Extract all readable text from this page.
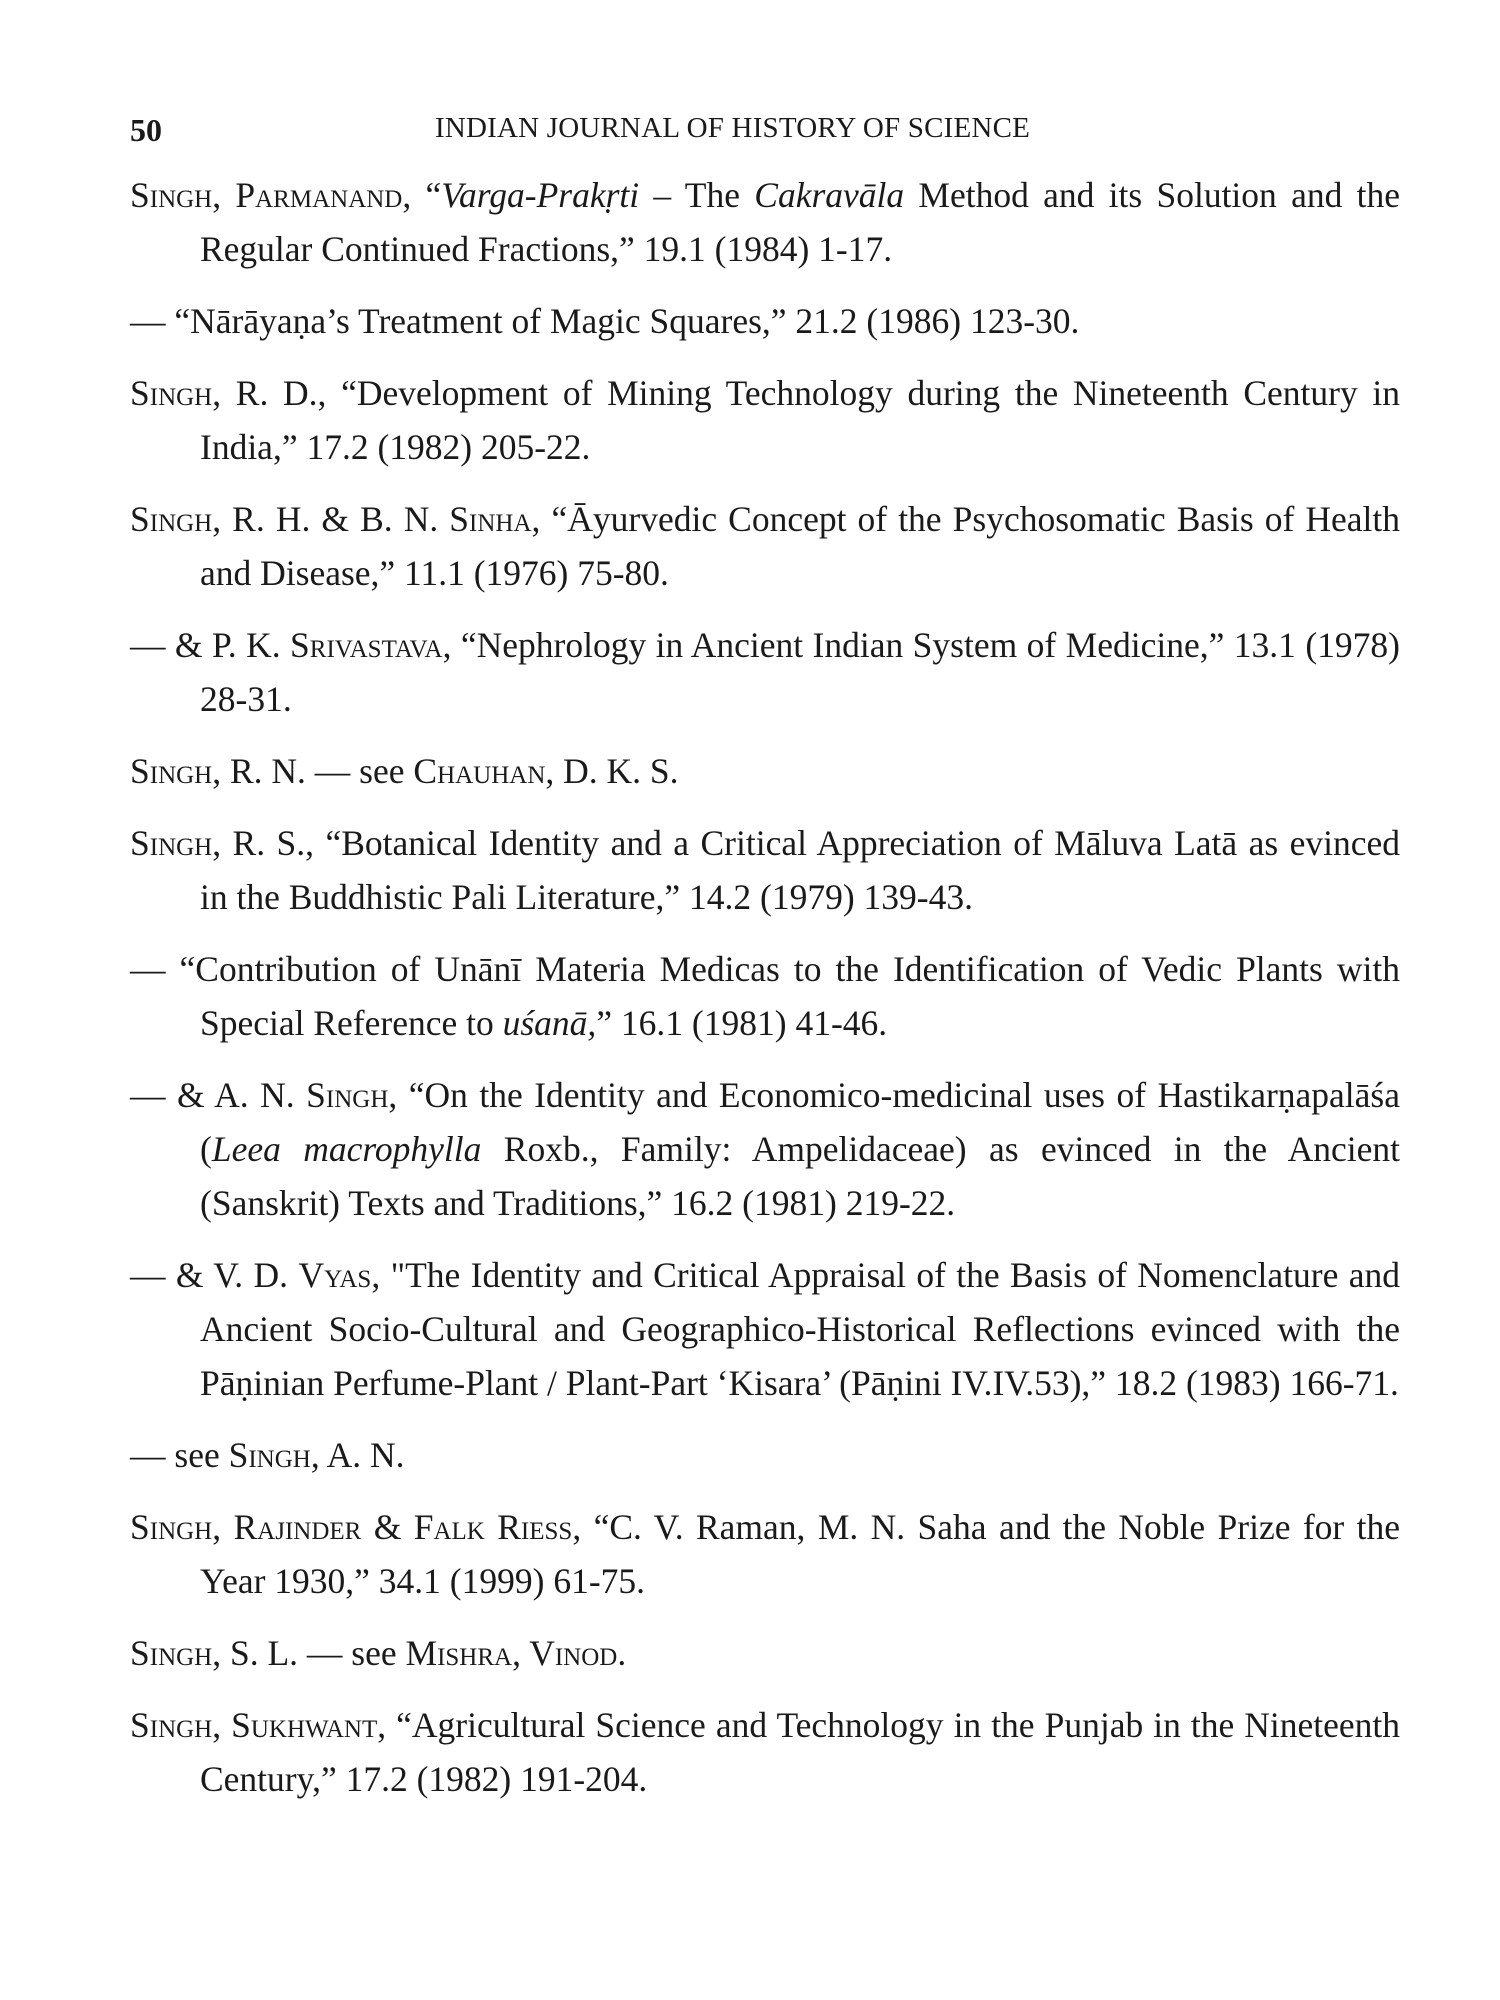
50	INDIAN JOURNAL OF HISTORY OF SCIENCE

Singh, Parmanand, “Varga-Prakṛti – The Cakravāla Method and its Solution and the Regular Continued Fractions,” 19.1 (1984) 1-17.

— “Nārāyaṇa’s Treatment of Magic Squares,” 21.2 (1986) 123-30.

Singh, R. D., “Development of Mining Technology during the Nineteenth Century in India,” 17.2 (1982) 205-22.

Singh, R. H. & B. N. Sinha, “Āyurvedic Concept of the Psychosomatic Basis of Health and Disease,” 11.1 (1976) 75-80.

— & P. K. Srivastava, “Nephrology in Ancient Indian System of Medicine,” 13.1 (1978) 28-31.

Singh, R. N. — see Chauhan, D. K. S.

Singh, R. S., “Botanical Identity and a Critical Appreciation of Māluva Latā as evinced in the Buddhistic Pali Literature,” 14.2 (1979) 139-43.

— “Contribution of Unānī Materia Medicas to the Identification of Vedic Plants with Special Reference to uśanā,” 16.1 (1981) 41-46.

— & A. N. Singh, “On the Identity and Economico-medicinal uses of Hastikarṇapalāśa (Leea macrophylla Roxb., Family: Ampelidaceae) as evinced in the Ancient (Sanskrit) Texts and Traditions,” 16.2 (1981) 219-22.

— & V. D. Vyas, "The Identity and Critical Appraisal of the Basis of Nomenclature and Ancient Socio-Cultural and Geographico-Historical Reflections evinced with the Pāṇinian Perfume-Plant / Plant-Part ‘Kisara’ (Pāṇini IV.IV.53),” 18.2 (1983) 166-71.

— see Singh, A. N.

Singh, Rajinder & Falk Riess, “C. V. Raman, M. N. Saha and the Noble Prize for the Year 1930,” 34.1 (1999) 61-75.

Singh, S. L. — see Mishra, Vinod.

Singh, Sukhwant, “Agricultural Science and Technology in the Punjab in the Nineteenth Century,” 17.2 (1982) 191-204.
